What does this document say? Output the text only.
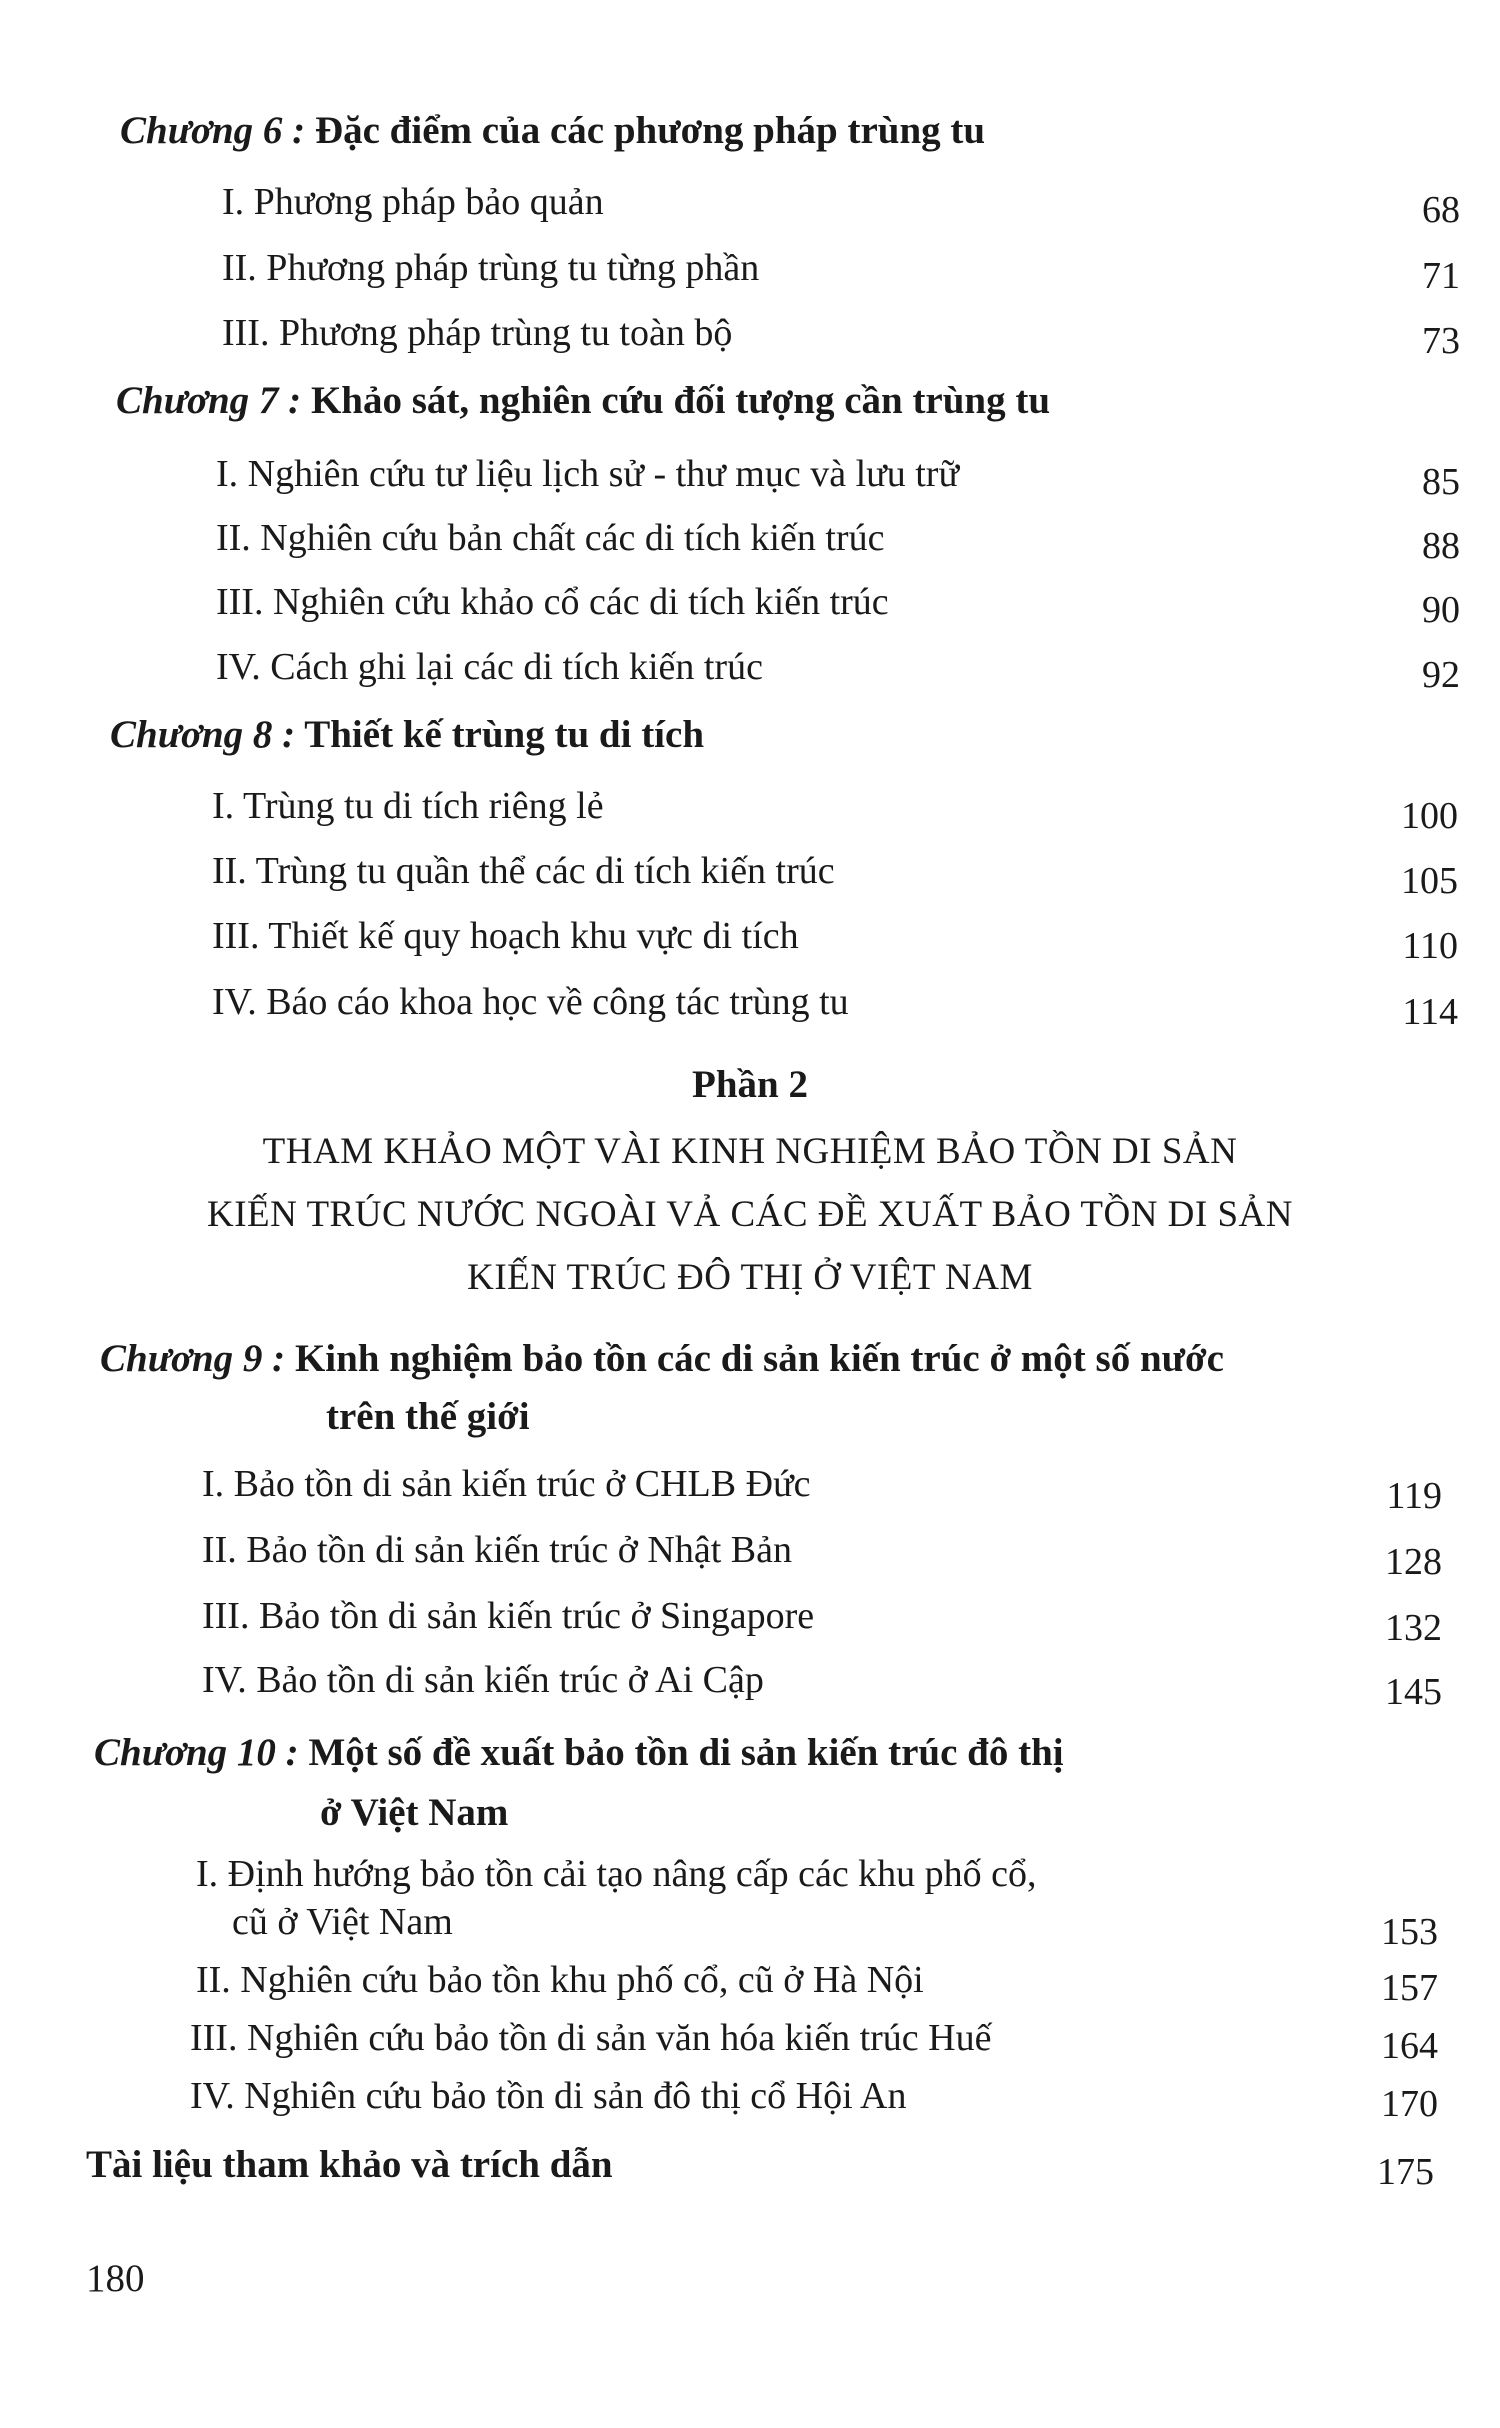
Chương 6 : Đặc điểm của các phương pháp trùng tu
I. Phương pháp bảo quản	68
II. Phương pháp trùng tu từng phần	71
III. Phương pháp trùng tu toàn bộ	73
Chương 7 : Khảo sát, nghiên cứu đối tượng cần trùng tu
I. Nghiên cứu tư liệu lịch sử - thư mục và lưu trữ	85
II. Nghiên cứu bản chất các di tích kiến trúc	88
III. Nghiên cứu khảo cổ các di tích kiến trúc	90
IV. Cách ghi lại các di tích kiến trúc	92
Chương 8 : Thiết kế trùng tu di tích
I. Trùng tu di tích riêng lẻ	100
II. Trùng tu quần thể các di tích kiến trúc	105
III. Thiết kế quy hoạch khu vực di tích	110
IV. Báo cáo khoa học về công tác trùng tu	114
Phần 2
THAM KHẢO MỘT VÀI KINH NGHIỆM BẢO TỒN DI SẢN
KIẾN TRÚC NƯỚC NGOÀI VẢ CÁC ĐỀ XUẤT BẢO TỒN DI SẢN
KIẾN TRÚC ĐÔ THỊ Ở VIỆT NAM
Chương 9 : Kinh nghiệm bảo tồn các di sản kiến trúc ở một số nước
trên thế giới
I. Bảo tồn di sản kiến trúc ở CHLB Đức	119
II. Bảo tồn di sản kiến trúc ở Nhật Bản	128
III. Bảo tồn di sản kiến trúc ở Singapore	132
IV. Bảo tồn di sản kiến trúc ở Ai Cập	145
Chương 10 : Một số đề xuất bảo tồn di sản kiến trúc đô thị
ở Việt Nam
I. Định hướng bảo tồn cải tạo nâng cấp các khu phố cổ,
cũ ở Việt Nam	153
II. Nghiên cứu bảo tồn khu phố cổ, cũ ở Hà Nội	157
III. Nghiên cứu bảo tồn di sản văn hóa kiến trúc Huế	164
IV. Nghiên cứu bảo tồn di sản đô thị cổ Hội An	170
Tài liệu tham khảo và trích dẫn	175
180
